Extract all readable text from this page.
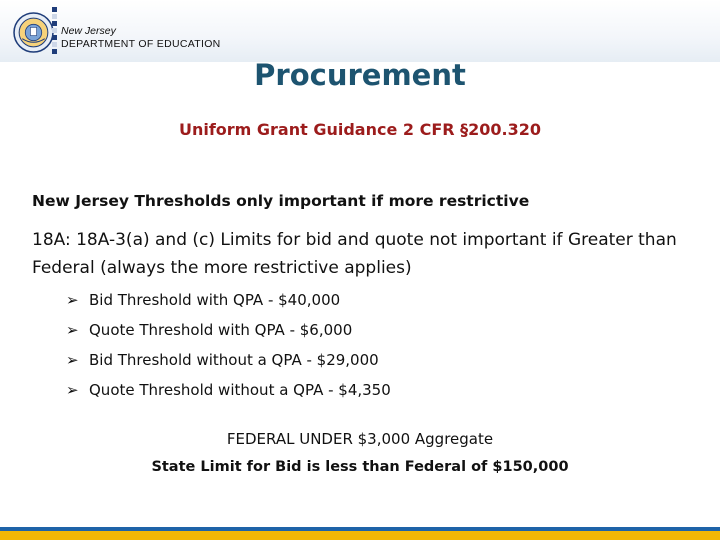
New Jersey
DEPARTMENT OF EDUCATION
Procurement
Uniform Grant Guidance 2 CFR §200.320
New Jersey Thresholds only important if more restrictive
18A: 18A-3(a) and (c) Limits for bid and quote not important if Greater than Federal (always the more restrictive applies)
➢ Bid Threshold with QPA - $40,000
➢ Quote Threshold with QPA - $6,000
➢ Bid Threshold without a QPA - $29,000
➢ Quote Threshold without a QPA - $4,350
FEDERAL UNDER $3,000 Aggregate
State Limit for Bid is less than Federal of $150,000
